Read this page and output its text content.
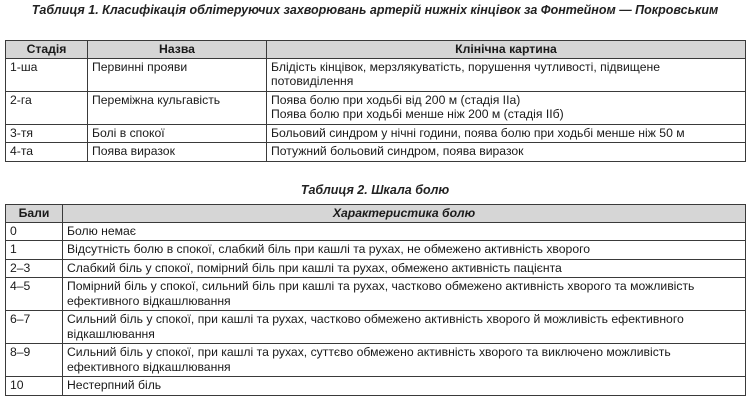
Таблиця 1. Класифікація облітеруючих захворювань артерій нижніх кінцівок за Фонтейном — Покровським
Стадія	Назва	Клінічна картина
1-ша	Первинні прояви	Блідість кінцівок, мерзлякуватість, порушення чутливості, підвищене потовиділення

2-га	Переміжна кульгавість	Поява болю при ходьбі від 200 м (стадія IIа)
Поява болю при ходьбі менше ніж 200 м (стадія IIб)

3-тя	Болі в спокої	Больовий синдром у нічні години, поява болю при ходьбі менше ніж 50 м

4-та	Поява виразок	Потужний больовий синдром, поява виразок
Таблиця 2. Шкала болю
Бали	Характеристика болю
0	Болю немає
1	Відсутність болю в спокої, слабкий біль при кашлі та рухах, не обмежено активність хворого
2–3	Слабкий біль у спокої, помірний біль при кашлі та рухах, обмежено активність пацієнта
4–5	Помірний біль у спокої, сильний біль при кашлі та рухах, частково обмежено активність хворого та можливість ефективного відкашлювання
6–7	Сильний біль у спокої, при кашлі та рухах, частково обмежено активність хворого й можливість ефективного відкашлювання
8–9	Сильний біль у спокої, при кашлі та рухах, суттєво обмежено активність хворого та виключено можливість ефективного відкашлювання
10	Нестерпний біль
